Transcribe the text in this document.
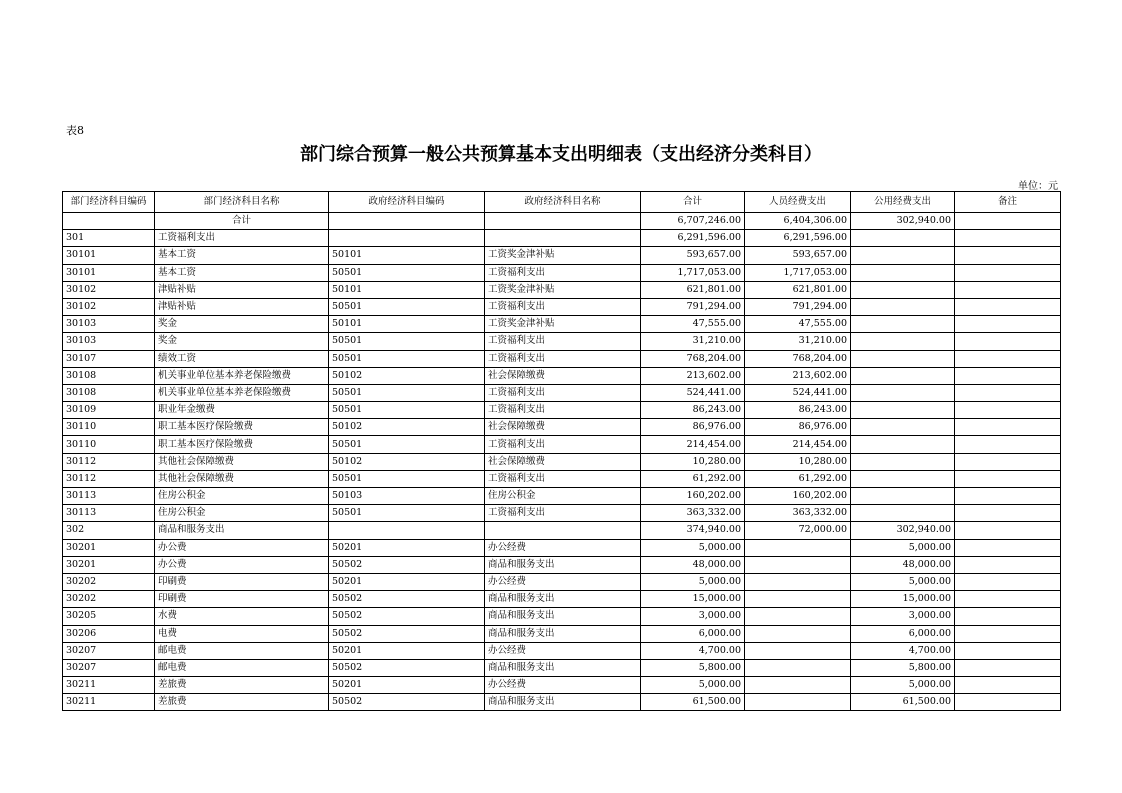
表8
部门综合预算一般公共预算基本支出明细表（支出经济分类科目）
单位：元
部门经济科目编码	部门经济科目名称	政府经济科目编码	政府经济科目名称	合计	人员经费支出	公用经费支出	备注
	合计			6,707,246.00	6,404,306.00	302,940.00	
301	工资福利支出			6,291,596.00	6,291,596.00		
30101	基本工资	50101	工资奖金津补贴	593,657.00	593,657.00		
30101	基本工资	50501	工资福利支出	1,717,053.00	1,717,053.00		
30102	津贴补贴	50101	工资奖金津补贴	621,801.00	621,801.00		
30102	津贴补贴	50501	工资福利支出	791,294.00	791,294.00		
30103	奖金	50101	工资奖金津补贴	47,555.00	47,555.00		
30103	奖金	50501	工资福利支出	31,210.00	31,210.00		
30107	绩效工资	50501	工资福利支出	768,204.00	768,204.00		
30108	机关事业单位基本养老保险缴费	50102	社会保障缴费	213,602.00	213,602.00		
30108	机关事业单位基本养老保险缴费	50501	工资福利支出	524,441.00	524,441.00		
30109	职业年金缴费	50501	工资福利支出	86,243.00	86,243.00		
30110	职工基本医疗保险缴费	50102	社会保障缴费	86,976.00	86,976.00		
30110	职工基本医疗保险缴费	50501	工资福利支出	214,454.00	214,454.00		
30112	其他社会保障缴费	50102	社会保障缴费	10,280.00	10,280.00		
30112	其他社会保障缴费	50501	工资福利支出	61,292.00	61,292.00		
30113	住房公积金	50103	住房公积金	160,202.00	160,202.00		
30113	住房公积金	50501	工资福利支出	363,332.00	363,332.00		
302	商品和服务支出			374,940.00	72,000.00	302,940.00	
30201	办公费	50201	办公经费	5,000.00		5,000.00	
30201	办公费	50502	商品和服务支出	48,000.00		48,000.00	
30202	印刷费	50201	办公经费	5,000.00		5,000.00	
30202	印刷费	50502	商品和服务支出	15,000.00		15,000.00	
30205	水费	50502	商品和服务支出	3,000.00		3,000.00	
30206	电费	50502	商品和服务支出	6,000.00		6,000.00	
30207	邮电费	50201	办公经费	4,700.00		4,700.00	
30207	邮电费	50502	商品和服务支出	5,800.00		5,800.00	
30211	差旅费	50201	办公经费	5,000.00		5,000.00	
30211	差旅费	50502	商品和服务支出	61,500.00		61,500.00	
